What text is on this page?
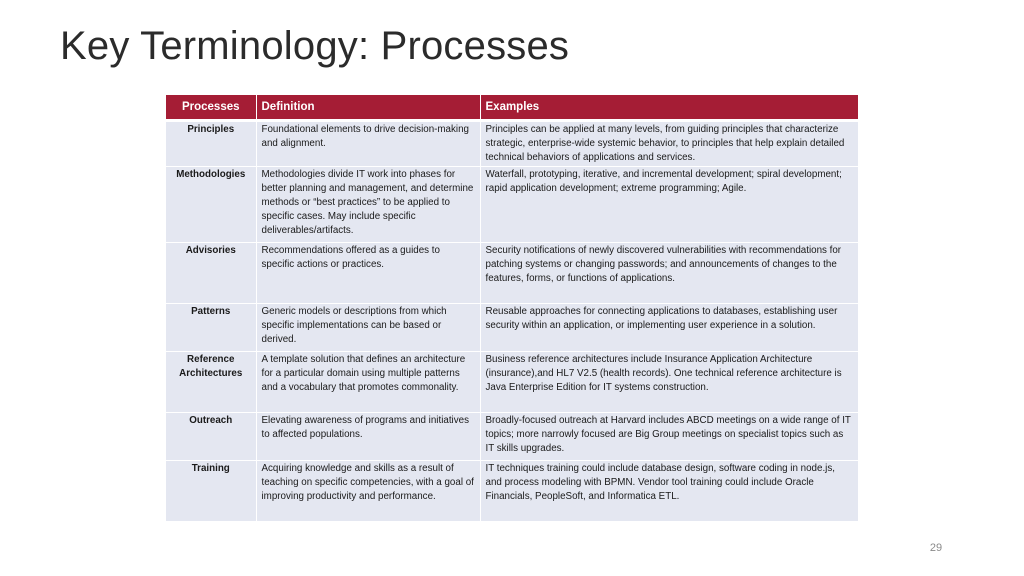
Key Terminology: Processes
Processes	Definition	Examples
Principles	Foundational elements to drive decision-making and alignment.	Principles can be applied at many levels, from guiding principles that characterize strategic, enterprise-wide systemic behavior, to principles that help explain detailed technical behaviors of applications and services.
Methodologies	Methodologies divide IT work into phases for better planning and management, and determine methods or “best practices” to be applied to specific cases. May include specific deliverables/artifacts.	Waterfall, prototyping, iterative, and incremental development; spiral development; rapid application development; extreme programming; Agile.
Advisories	Recommendations offered as a guides to specific actions or practices.	Security notifications of newly discovered vulnerabilities with recommendations for patching systems or changing passwords; and announcements of changes to the features, forms, or functions of applications.
Patterns	Generic models or descriptions from which specific implementations can be based or derived.	Reusable approaches for connecting applications to databases, establishing user security within an application, or implementing user experience in a solution.
Reference Architectures	A template solution that defines an architecture for a particular domain using multiple patterns and a vocabulary that promotes commonality.	Business reference architectures include Insurance Application Architecture (insurance),and HL7 V2.5 (health records). One technical reference architecture is Java Enterprise Edition for IT systems construction.
Outreach	Elevating awareness of programs and initiatives to affected populations.	Broadly-focused outreach at Harvard includes ABCD meetings on a wide range of IT topics; more narrowly focused are Big Group meetings on specialist topics such as IT skills upgrades.
Training	Acquiring knowledge and skills as a result of teaching on specific competencies, with a goal of improving productivity and performance.	IT techniques training could include database design, software coding in node.js, and process modeling with BPMN. Vendor tool training could include Oracle Financials, PeopleSoft, and Informatica ETL.
29
